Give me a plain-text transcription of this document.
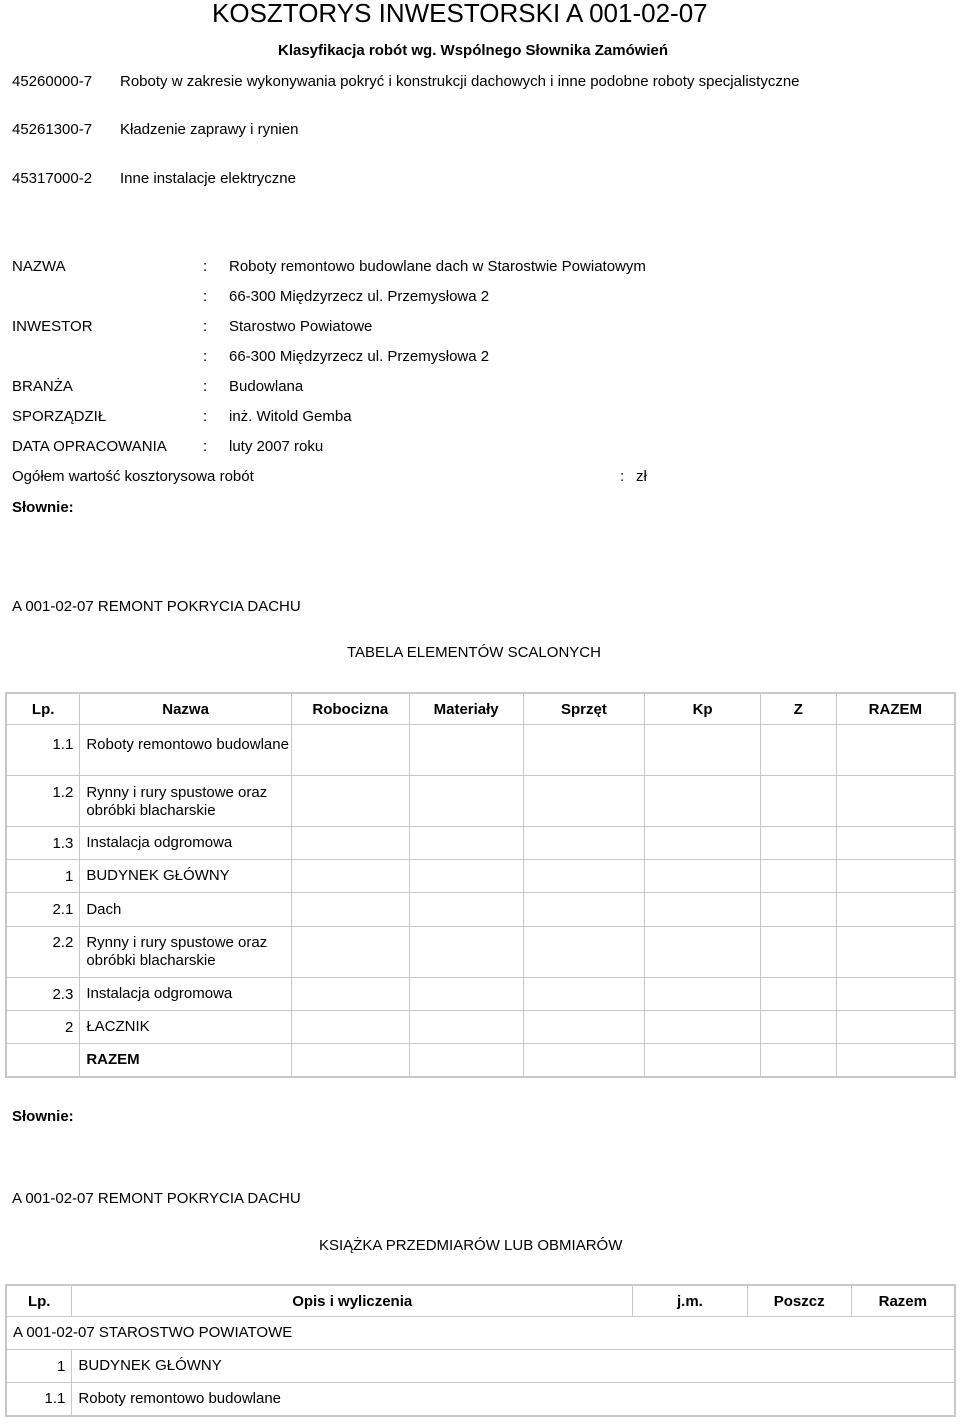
KOSZTORYS INWESTORSKI A 001-02-07
Klasyfikacja robót wg. Wspólnego Słownika Zamówień
45260000-7	Roboty w zakresie wykonywania pokryć i konstrukcji dachowych i inne podobne roboty specjalistyczne
45261300-7	Kładzenie zaprawy i rynien
45317000-2	Inne instalacje elektryczne
NAZWA	: Roboty remontowo budowlane dach w Starostwie Powiatowym
: 66-300 Międzyrzecz ul. Przemysłowa 2
INWESTOR	: Starostwo Powiatowe
: 66-300 Międzyrzecz ul. Przemysłowa 2
BRANŻA	: Budowlana
SPORZĄDZIŁ	: inż. Witold Gemba
DATA OPRACOWANIA : luty 2007 roku
Ogółem wartość kosztorysowa robót	: zł
Słownie:
A 001-02-07 REMONT POKRYCIA DACHU
TABELA ELEMENTÓW SCALONYCH
Lp.	Nazwa	Robocizna	Materiały	Sprzęt	Kp	Z	RAZEM
1.1	Roboty remontowo budowlane						
1.2	Rynny i rury spustowe oraz obróbki blacharskie						
1.3	Instalacja odgromowa						
1	BUDYNEK GŁÓWNY						
2.1	Dach						
2.2	Rynny i rury spustowe oraz obróbki blacharskie						
2.3	Instalacja odgromowa						
2	ŁACZNIK						
	RAZEM						
Słownie:
A 001-02-07 REMONT POKRYCIA DACHU
KSIĄŻKA PRZEDMIARÓW LUB OBMIARÓW
Lp.	Opis i wyliczenia	j.m.	Poszcz	Razem
A 001-02-07 STAROSTWO POWIATOWE				
1	BUDYNEK GŁÓWNY			
1.1	Roboty remontowo budowlane			
